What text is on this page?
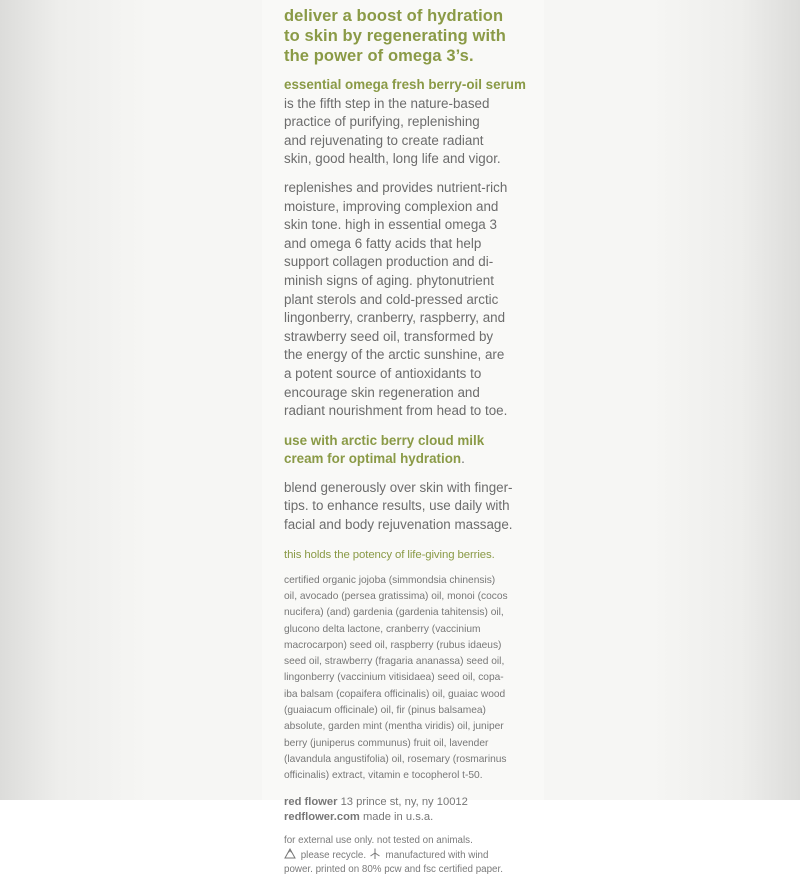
deliver a boost of hydration
to skin by regenerating with
the power of omega 3’s.
essential omega fresh berry-oil serum
is the fifth step in the nature-based
practice of purifying, replenishing
and rejuvenating to create radiant
skin, good health, long life and vigor.
replenishes and provides nutrient-rich
moisture, improving complexion and
skin tone. high in essential omega 3
and omega 6 fatty acids that help
support collagen production and di-
minish signs of aging. phytonutrient
plant sterols and cold-pressed arctic
lingonberry, cranberry, raspberry, and
strawberry seed oil, transformed by
the energy of the arctic sunshine, are
a potent source of antioxidants to
encourage skin regeneration and
radiant nourishment from head to toe.
use with arctic berry cloud milk
cream for optimal hydration.
blend generously over skin with finger-
tips. to enhance results, use daily with
facial and body rejuvenation massage.
this holds the potency of life-giving berries.
certified organic jojoba (simmondsia chinensis)
oil, avocado (persea gratissima) oil, monoi (cocos
nucifera) (and) gardenia (gardenia tahitensis) oil,
glucono delta lactone, cranberry (vaccinium
macrocarpon) seed oil, raspberry (rubus idaeus)
seed oil, strawberry (fragaria ananassa) seed oil,
lingonberry (vaccinium vitisidaea) seed oil, copa-
iba balsam (copaifera officinalis) oil, guaiac wood
(guaiacum officinale) oil, fir (pinus balsamea)
absolute, garden mint (mentha viridis) oil, juniper
berry (juniperus communus) fruit oil, lavender
(lavandula angustifolia) oil, rosemary (rosmarinus
officinalis) extract, vitamin e tocopherol t-50.
red flower 13 prince st, ny, ny 10012
redflower.com made in u.s.a.
for external use only. not tested on animals.
please recycle.  manufactured with wind
power. printed on 80% pcw and fsc certified paper.
